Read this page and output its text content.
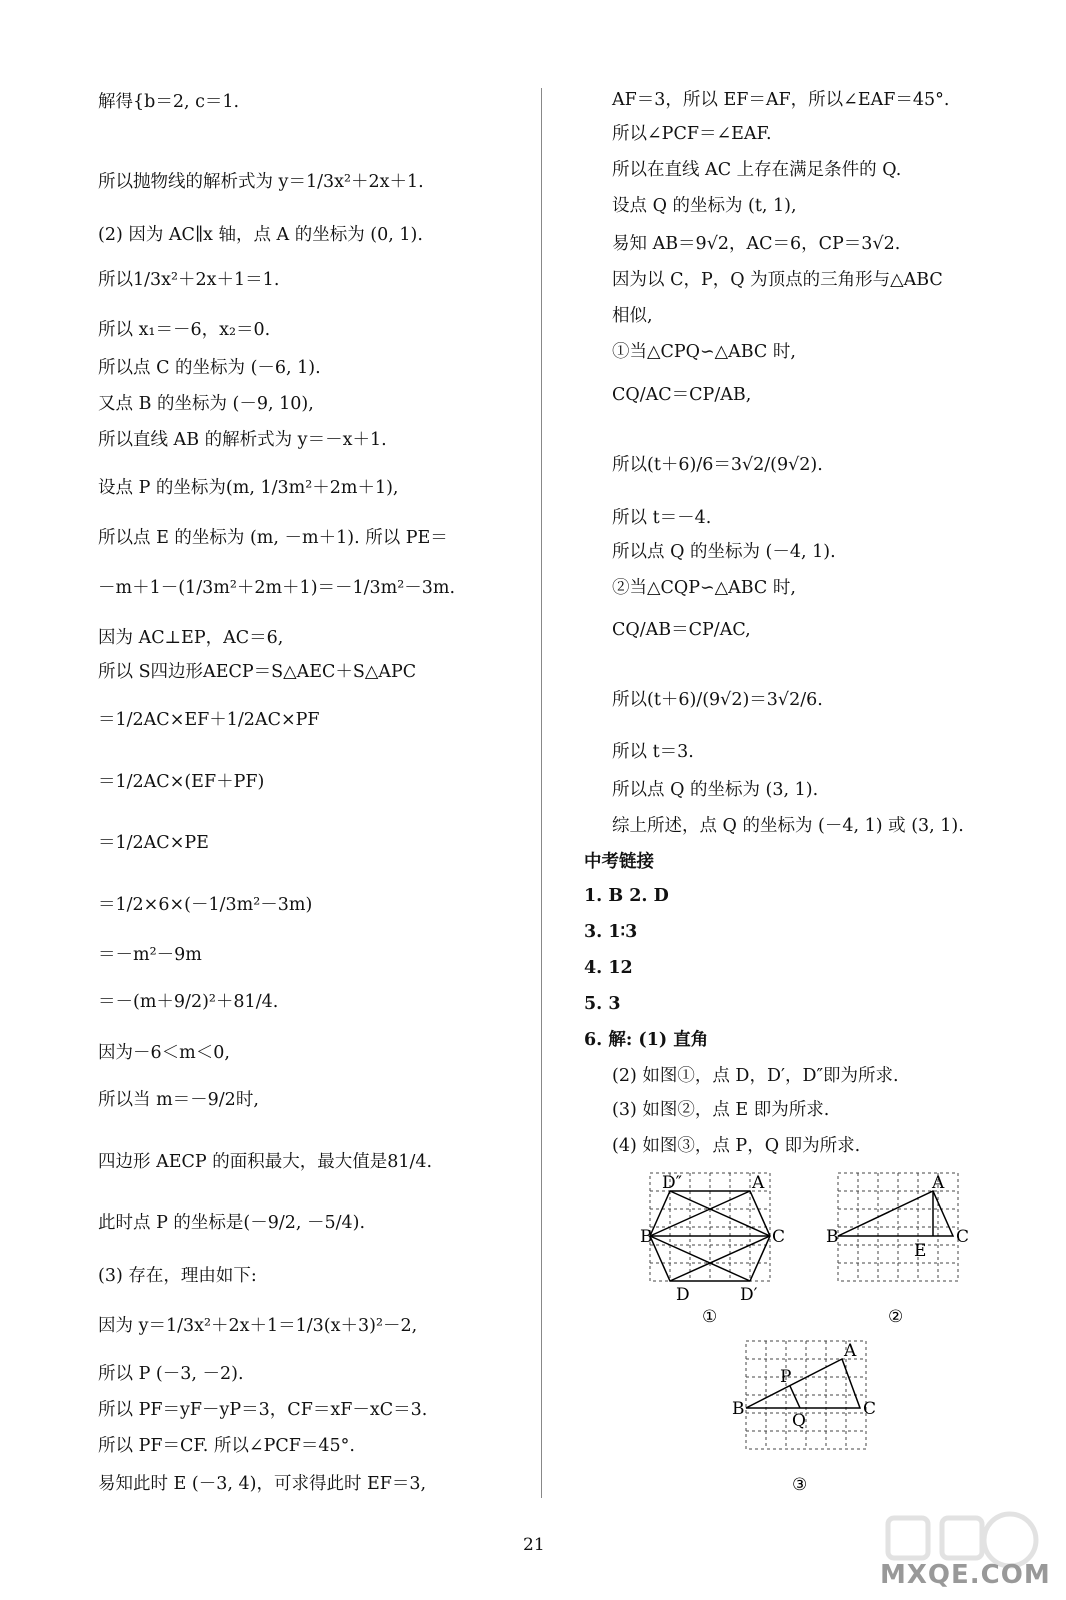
解得{b＝2, c＝1.
所以抛物线的解析式为 y＝1/3x²＋2x＋1.
(2) 因为 AC∥x 轴，点 A 的坐标为 (0, 1).
所以1/3x²＋2x＋1＝1.
所以 x₁＝－6，x₂＝0.
所以点 C 的坐标为 (－6, 1).
又点 B 的坐标为 (－9, 10),
所以直线 AB 的解析式为 y＝－x＋1.
设点 P 的坐标为(m, 1/3m²＋2m＋1),
所以点 E 的坐标为 (m, －m＋1). 所以 PE＝
－m＋1－(1/3m²＋2m＋1)＝－1/3m²－3m.
因为 AC⊥EP，AC＝6,
所以 S四边形AECP＝S△AEC＋S△APC
＝1/2AC×EF＋1/2AC×PF
＝1/2AC×(EF＋PF)
＝1/2AC×PE
＝1/2×6×(－1/3m²－3m)
＝－m²－9m
＝－(m＋9/2)²＋81/4.
因为－6＜m＜0,
所以当 m＝－9/2时,
四边形 AECP 的面积最大，最大值是81/4.
此时点 P 的坐标是(－9/2, －5/4).
(3) 存在，理由如下:
因为 y＝1/3x²＋2x＋1＝1/3(x＋3)²－2,
所以 P (－3, －2).
所以 PF＝yF－yP＝3，CF＝xF－xC＝3.
所以 PF＝CF. 所以∠PCF＝45°.
易知此时 E (－3, 4)，可求得此时 EF＝3,
AF＝3，所以 EF＝AF，所以∠EAF＝45°.
所以∠PCF＝∠EAF.
所以在直线 AC 上存在满足条件的 Q.
设点 Q 的坐标为 (t, 1),
易知 AB＝9√2，AC＝6，CP＝3√2.
因为以 C，P，Q 为顶点的三角形与△ABC
相似,
①当△CPQ∽△ABC 时,
CQ/AC＝CP/AB,
所以(t＋6)/6＝3√2/(9√2).
所以 t＝－4.
所以点 Q 的坐标为 (－4, 1).
②当△CQP∽△ABC 时,
CQ/AB＝CP/AC,
所以(t＋6)/(9√2)＝3√2/6.
所以 t＝3.
所以点 Q 的坐标为 (3, 1).
综上所述，点 Q 的坐标为 (－4, 1) 或 (3, 1).
中考链接
1. B 2. D
3. 1∶3
4. 12
5. 3
6. 解: (1) 直角
(2) 如图①，点 D，D′，D″即为所求.
(3) 如图②，点 E 即为所求.
(4) 如图③，点 P，Q 即为所求.
D″	A
B	C
D	D′
①
A
B	C
E
②
A
B	C
P
Q
③
21
MXQE.COM
